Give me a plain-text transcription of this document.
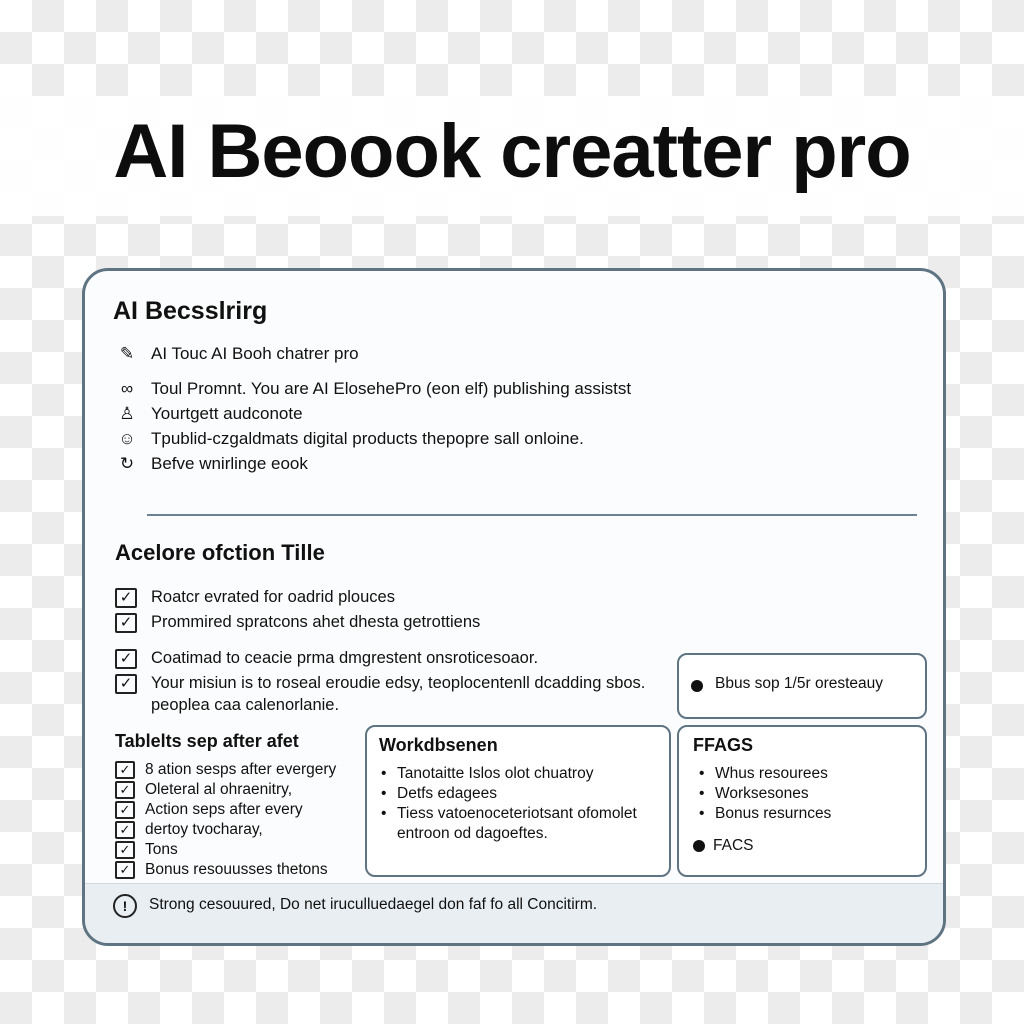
AI Beoook creatter pro
AI Becsslrirg
✎ AI Touc AI Booh chatrer pro
∞	Toul Promnt. You are AI ElosehePro (eon elf) publishing assistst
♙ Yourtgett audconote
☺ Tpublid-czgaldmats digital prоducts thepopre sall onloine.
↻ Befve wnirlinge eook
Acelore ofction Tille
✓ Roatcr evrated for oadrid plouces
✓ Prommired spratcons ahet dhesta getrottiens
✓ Coatimad to ceacie prma dmgrestent onsroticesoaor.
✓ Your misiun is to roseal eroudie edsy, teoplocentenll dcadding sbos. peoplea caa calenorlanie.
Bbus sop 1/5r oresteauy
Tablelts sep after afet
✓ 8 ation sesps after evergery
✓ Oleteral al ohraenitry,
✓ Action seps after every
✓ dertoy tvocharay,
✓ Tons
✓ Bonus resouusses thetons
Workdbsenen
• Tanotaitte Islos olot chuatroy
• Detfs edagees
• Tiess vatoenoceteriotsant ofomolet entroon od dagoeftes.
FFAGS
• Whus resourees
• Worksesones
• Bonus resurnces
FACS
!	Strong cesouured, Do net iruculluedaegel don faf fo all Concitirm.
